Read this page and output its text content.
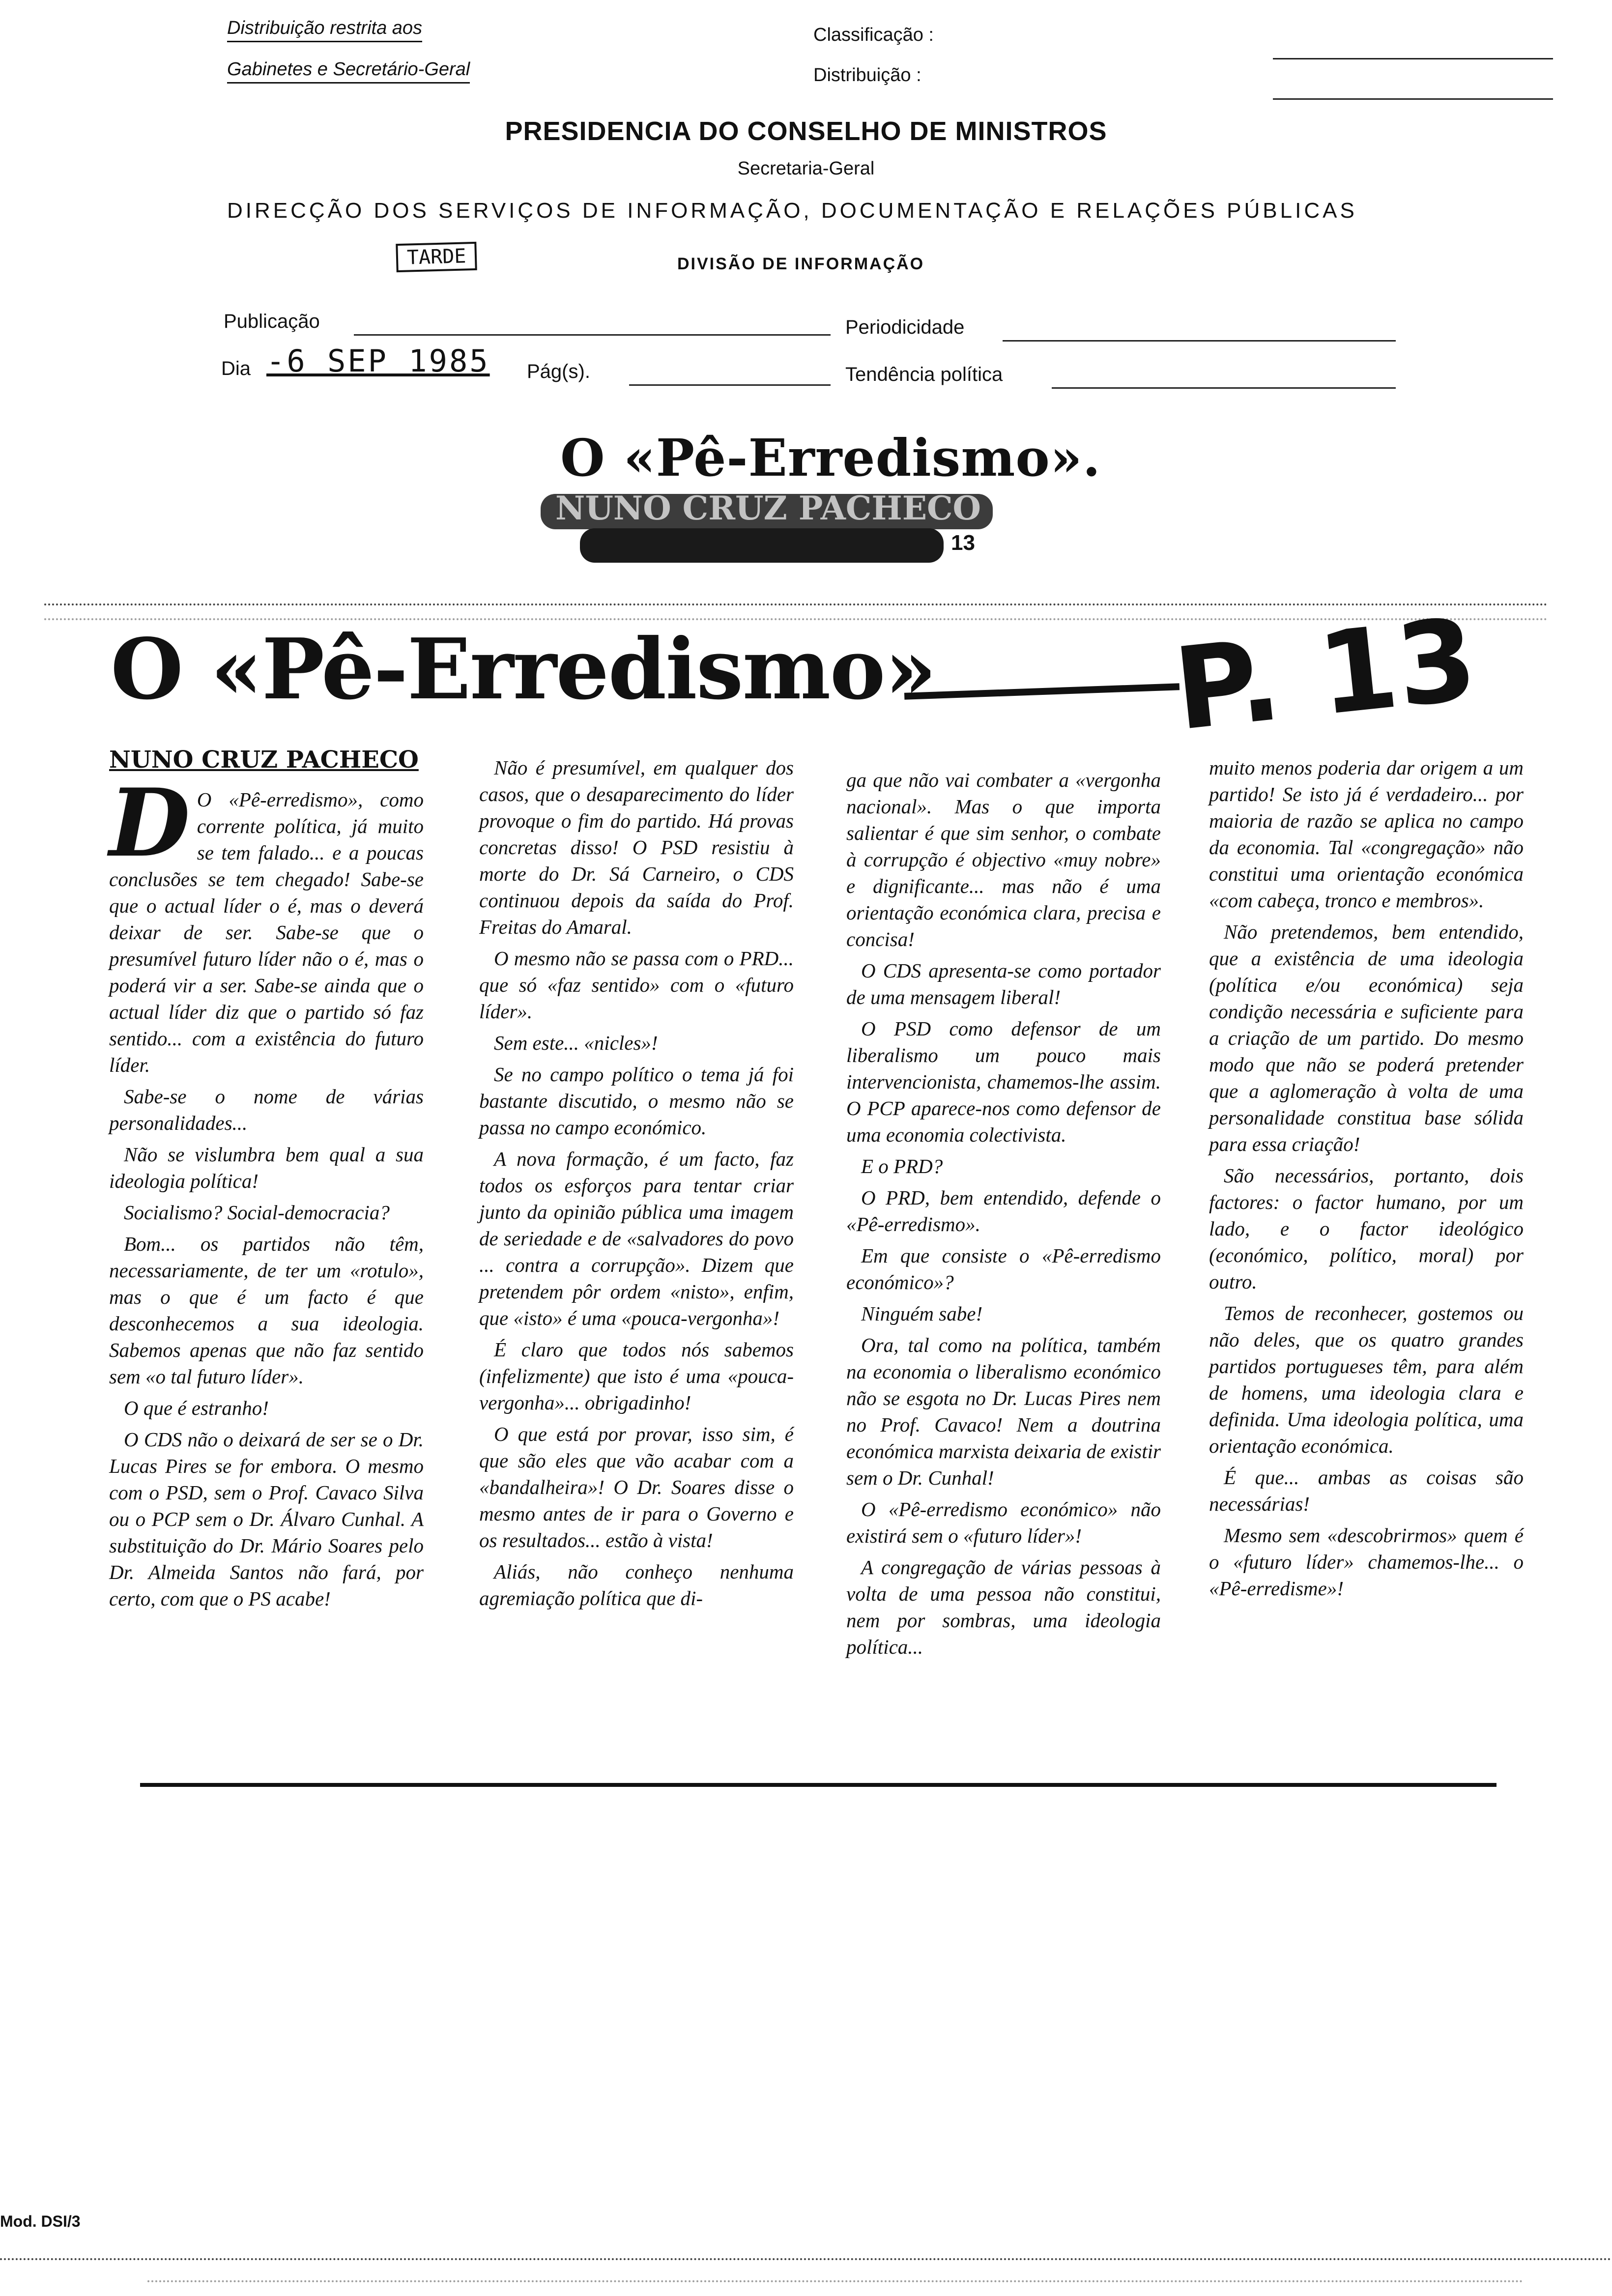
Distribuição restrita aos
Gabinetes e Secretário-Geral
Classificação :
Distribuição :
PRESIDENCIA DO CONSELHO DE MINISTROS
Secretaria-Geral
DIRECÇÃO DOS SERVIÇOS DE INFORMAÇÃO, DOCUMENTAÇÃO E RELAÇÕES PÚBLICAS
TARDE	DIVISÃO DE INFORMAÇÃO
Publicação	Periodicidade
Dia -6 SEP 1985 Pág(s).	Tendência política
O «Pê-Erredismo».
NUNO CRUZ PACHECO
13
O «Pê-Erredismo» P. 13
NUNO CRUZ PACHECO
D O «Pê-erredismo», como corrente política, já muito se tem falado... e a poucas conclusões se tem chegado! Sabe-se que o actual líder o é, mas o deverá deixar de ser. Sabe-se que o presumível futuro líder não o é, mas o poderá vir a ser. Sabe-se ainda que o actual líder diz que o partido só faz sentido... com a existência do futuro líder.

Sabe-se o nome de várias personalidades...

Não se vislumbra bem qual a sua ideologia política!

Socialismo? Social-democracia?

Bom... os partidos não têm, necessariamente, de ter um «rotulo», mas o que é um facto é que desconhecemos a sua ideologia. Sabemos apenas que não faz sentido sem «o tal futuro líder».

O que é estranho!

O CDS não o deixará de ser se o Dr. Lucas Pires se for embora. O mesmo com o PSD, sem o Prof. Cavaco Silva ou o PCP sem o Dr. Álvaro Cunhal. A substituição do Dr. Mário Soares pelo Dr. Almeida Santos não fará, por certo, com que o PS acabe!

Não é presumível, em qualquer dos casos, que o desaparecimento do líder provoque o fim do partido. Há provas concretas disso! O PSD resistiu à morte do Dr. Sá Carneiro, o CDS continuou depois da saída do Prof. Freitas do Amaral.

O mesmo não se passa com o PRD... que só «faz sentido» com o «futuro líder».

Sem este... «nicles»!

Se no campo político o tema já foi bastante discutido, o mesmo não se passa no campo económico.

A nova formação, é um facto, faz todos os esforços para tentar criar junto da opinião pública uma imagem de seriedade e de «salvadores do povo ... contra a corrupção». Dizem que pretendem pôr ordem «nisto», enfim, que «isto» é uma «pouca-vergonha»!

É claro que todos nós sabemos (infelizmente) que isto é uma «pouca-vergonha»... obrigadinho!

O que está por provar, isso sim, é que são eles que vão acabar com a «bandalheira»! O Dr. Soares disse o mesmo antes de ir para o Governo e os resultados... estão à vista!

Aliás, não conheço nenhuma agremiação política que di-

ga que não vai combater a «vergonha nacional». Mas o que importa salientar é que sim senhor, o combate à corrupção é objectivo «muy nobre» e dignificante... mas não é uma orientação económica clara, precisa e concisa!

O CDS apresenta-se como portador de uma mensagem liberal!

O PSD como defensor de um liberalismo um pouco mais intervencionista, chamemos-lhe assim. O PCP aparece-nos como defensor de uma economia colectivista.

E o PRD?

O PRD, bem entendido, defende o «Pê-erredismo».

Em que consiste o «Pê-erredismo económico»?

Ninguém sabe!

Ora, tal como na política, também na economia o liberalismo económico não se esgota no Dr. Lucas Pires nem no Prof. Cavaco! Nem a doutrina económica marxista deixaria de existir sem o Dr. Cunhal!

O «Pê-erredismo económico» não existirá sem o «futuro líder»!

A congregação de várias pessoas à volta de uma pessoa não constitui, nem por sombras, uma ideologia política...

muito menos poderia dar origem a um partido! Se isto já é verdadeiro... por maioria de razão se aplica no campo da economia. Tal «congregação» não constitui uma orientação económica «com cabeça, tronco e membros».

Não pretendemos, bem entendido, que a existência de uma ideologia (política e/ou económica) seja condição necessária e suficiente para a criação de um partido. Do mesmo modo que não se poderá pretender que a aglomeração à volta de uma personalidade constitua base sólida para essa criação!

São necessários, portanto, dois factores: o factor humano, por um lado, e o factor ideológico (económico, político, moral) por outro.

Temos de reconhecer, gostemos ou não deles, que os quatro grandes partidos portugueses têm, para além de homens, uma ideologia clara e definida. Uma ideologia política, uma orientação económica.

É que... ambas as coisas são necessárias!

Mesmo sem «descobrirmos» quem é o «futuro líder» chamemos-lhe... o «Pê-erredisme»!

Mod. DSI/3
